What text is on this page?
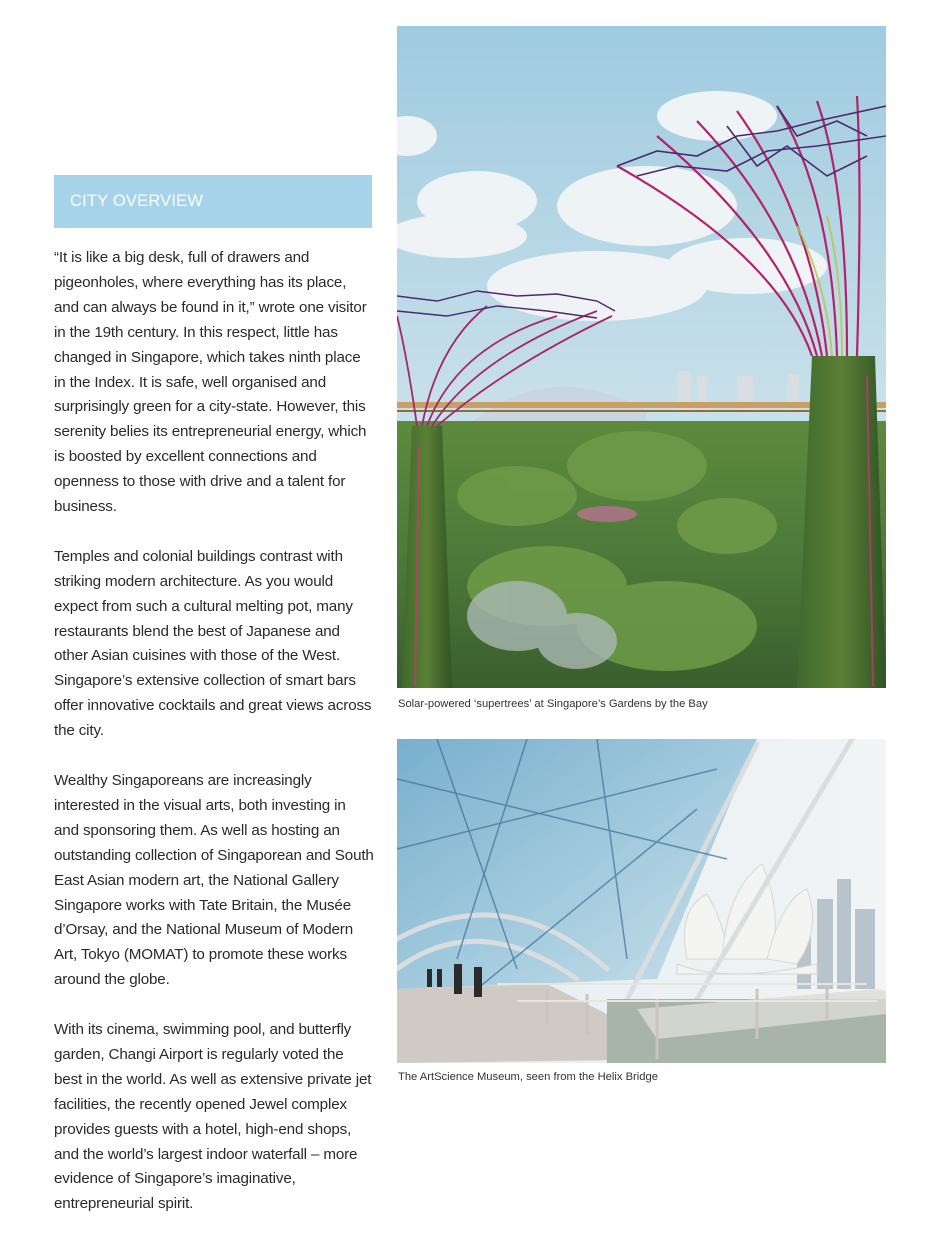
CITY OVERVIEW

“It is like a big desk, full of drawers and pigeonholes, where everything has its place, and can always be found in it,” wrote one visitor in the 19th century. In this respect, little has changed in Singapore, which takes ninth place in the Index. It is safe, well organised and surprisingly green for a city-state. However, this serenity belies its entrepreneurial energy, which is boosted by excellent connections and openness to those with drive and a talent for business.

Temples and colonial buildings contrast with striking modern architecture. As you would expect from such a cultural melting pot, many restaurants blend the best of Japanese and other Asian cuisines with those of the West. Singapore’s extensive collection of smart bars offer innovative cocktails and great views across the city.

Wealthy Singaporeans are increasingly interested in the visual arts, both investing in and sponsoring them. As well as hosting an outstanding collection of Singaporean and South East Asian modern art, the National Gallery Singapore works with Tate Britain, the Musée d’Orsay, and the National Museum of Modern Art, Tokyo (MOMAT) to promote these works around the globe.

With its cinema, swimming pool, and butterfly garden, Changi Airport is regularly voted the best in the world. As well as extensive private jet facilities, the recently opened Jewel complex provides guests with a hotel, high-end shops, and the world’s largest indoor waterfall – more evidence of Singapore’s imaginative, entrepreneurial spirit.

Solar-powered ‘supertrees’ at Singapore’s Gardens by the Bay
The ArtScience Museum, seen from the Helix Bridge
